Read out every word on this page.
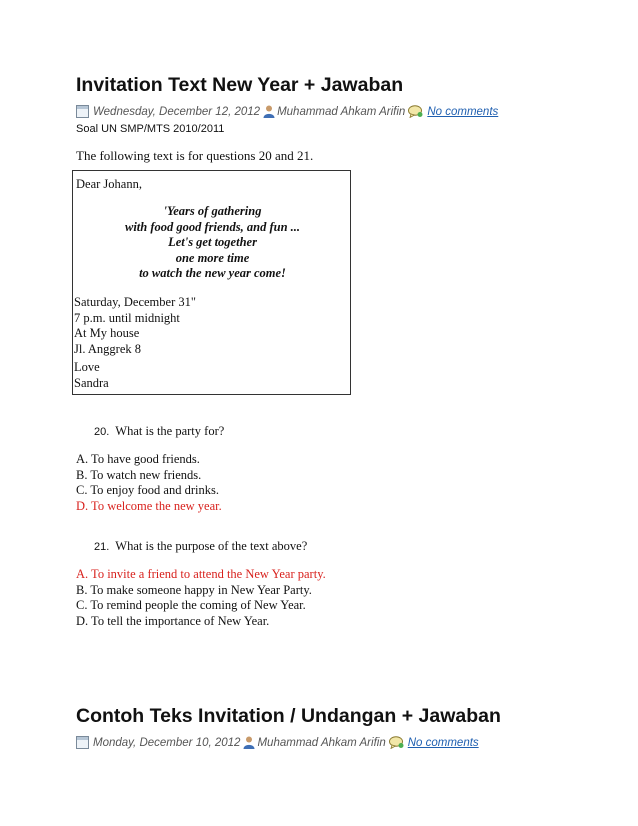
Invitation Text New Year + Jawaban
Wednesday, December 12, 2012 Muhammad Ahkam Arifin No comments
Soal UN SMP/MTS 2010/2011
The following text is for questions 20 and 21.
Dear Johann,
'Years of gathering
with food good friends, and fun ...
Let's get together
one more time
to watch the new year come!
Saturday, December 31"
7 p.m. until midnight
At My house
Jl. Anggrek 8
Love
Sandra
20. What is the party for?
A. To have good friends.
B. To watch new friends.
C. To enjoy food and drinks.
D. To welcome the new year.
21. What is the purpose of the text above?
A. To invite a friend to attend the New Year party.
B. To make someone happy in New Year Party.
C. To remind people the coming of New Year.
D. To tell the importance of New Year.
Contoh Teks Invitation / Undangan + Jawaban
Monday, December 10, 2012 Muhammad Ahkam Arifin No comments
